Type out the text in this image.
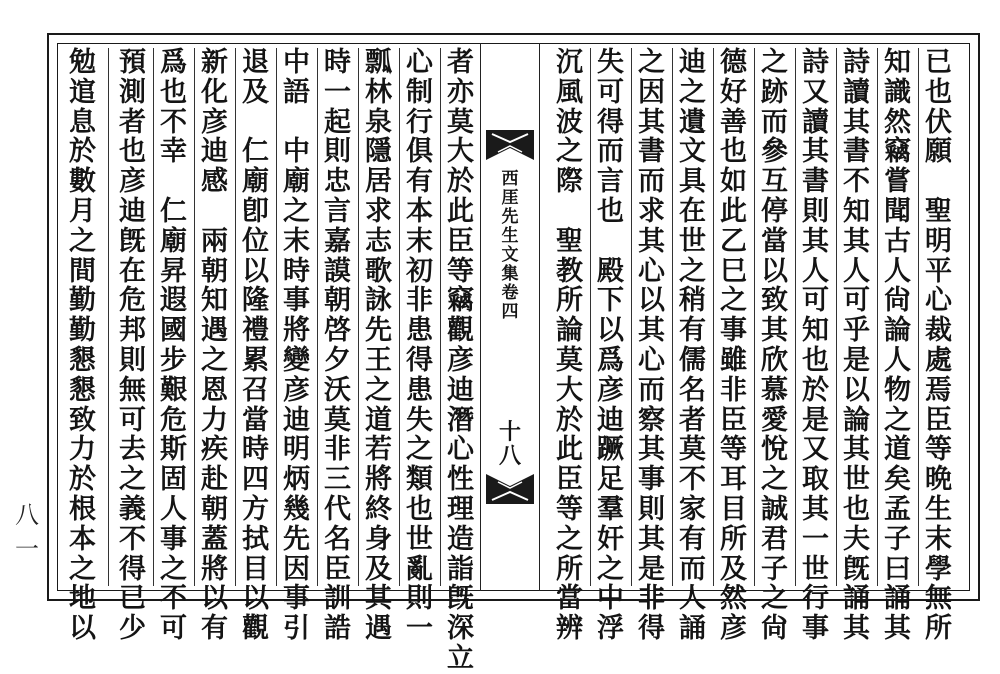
已
也
伏
願

聖
明
平
心
裁
處
焉
臣
等
晩
生
末
學
無
所
知
識
然
竊
嘗
聞
古
人
尙
論
人
物
之
道
矣
孟
子
曰
誦
其
詩
讀
其
書
不
知
其
人
可
乎
是
以
論
其
世
也
夫
旣
誦
其
詩
又
讀
其
書
則
其
人
可
知
也
於
是
又
取
其
一
世
行
事
之
跡
而
參
互
停
當
以
致
其
欣
慕
愛
悅
之
誠
君
子
之
尙
德
好
善
也
如
此
乙
巳
之
事
雖
非
臣
等
耳
目
所
及
然
彦
迪
之
遺
文
具
在
世
之
稍
有
儒
名
者
莫
不
家
有
而
人
誦
之
因
其
書
而
求
其
心
以
其
心
而
察
其
事
則
其
是
非
得
失
可
得
而
言
也

殿
下
以
爲
彦
迪
蹶
足
羣
奸
之
中
浮
沉
風
波
之
際

聖
教
所
論
莫
大
於
此
臣
等
之
所
當
辨
者
亦
莫
大
於
此
臣
等
竊
觀
彦
迪
潛
心
性
理
造
詣
旣
深
立
心
制
行
俱
有
本
末
初
非
患
得
患
失
之
類
也
世
亂
則
一
瓢
林
泉
隱
居
求
志
歌
詠
先
王
之
道
若
將
終
身
及
其
遇
時
一
起
則
忠
言
嘉
謨
朝
啓
夕
沃
莫
非
三
代
名
臣
訓
誥
中
語

中
廟
之
末
時
事
將
變
彦
迪
明
炳
幾
先
因
事
引
退
及

仁
廟
卽
位
以
隆
禮
累
召
當
時
四
方
拭
目
以
觀
新
化
彦
迪
感

兩
朝
知
遇
之
恩
力
疾
赴
朝
蓋
將
以
有
爲
也
不
幸

仁
廟
昇
遐
國
步
艱
危
斯
固
人
事
之
不
可
預
測
者
也
彦
迪
旣
在
危
邦
則
無
可
去
之
義
不
得
已
少
勉
逭
息
於
數
月
之
間
勤
勤
懇
懇
致
力
於
根
本
之
地
以
西
厓
先
生
文
集
卷
四
十
八
八
一
